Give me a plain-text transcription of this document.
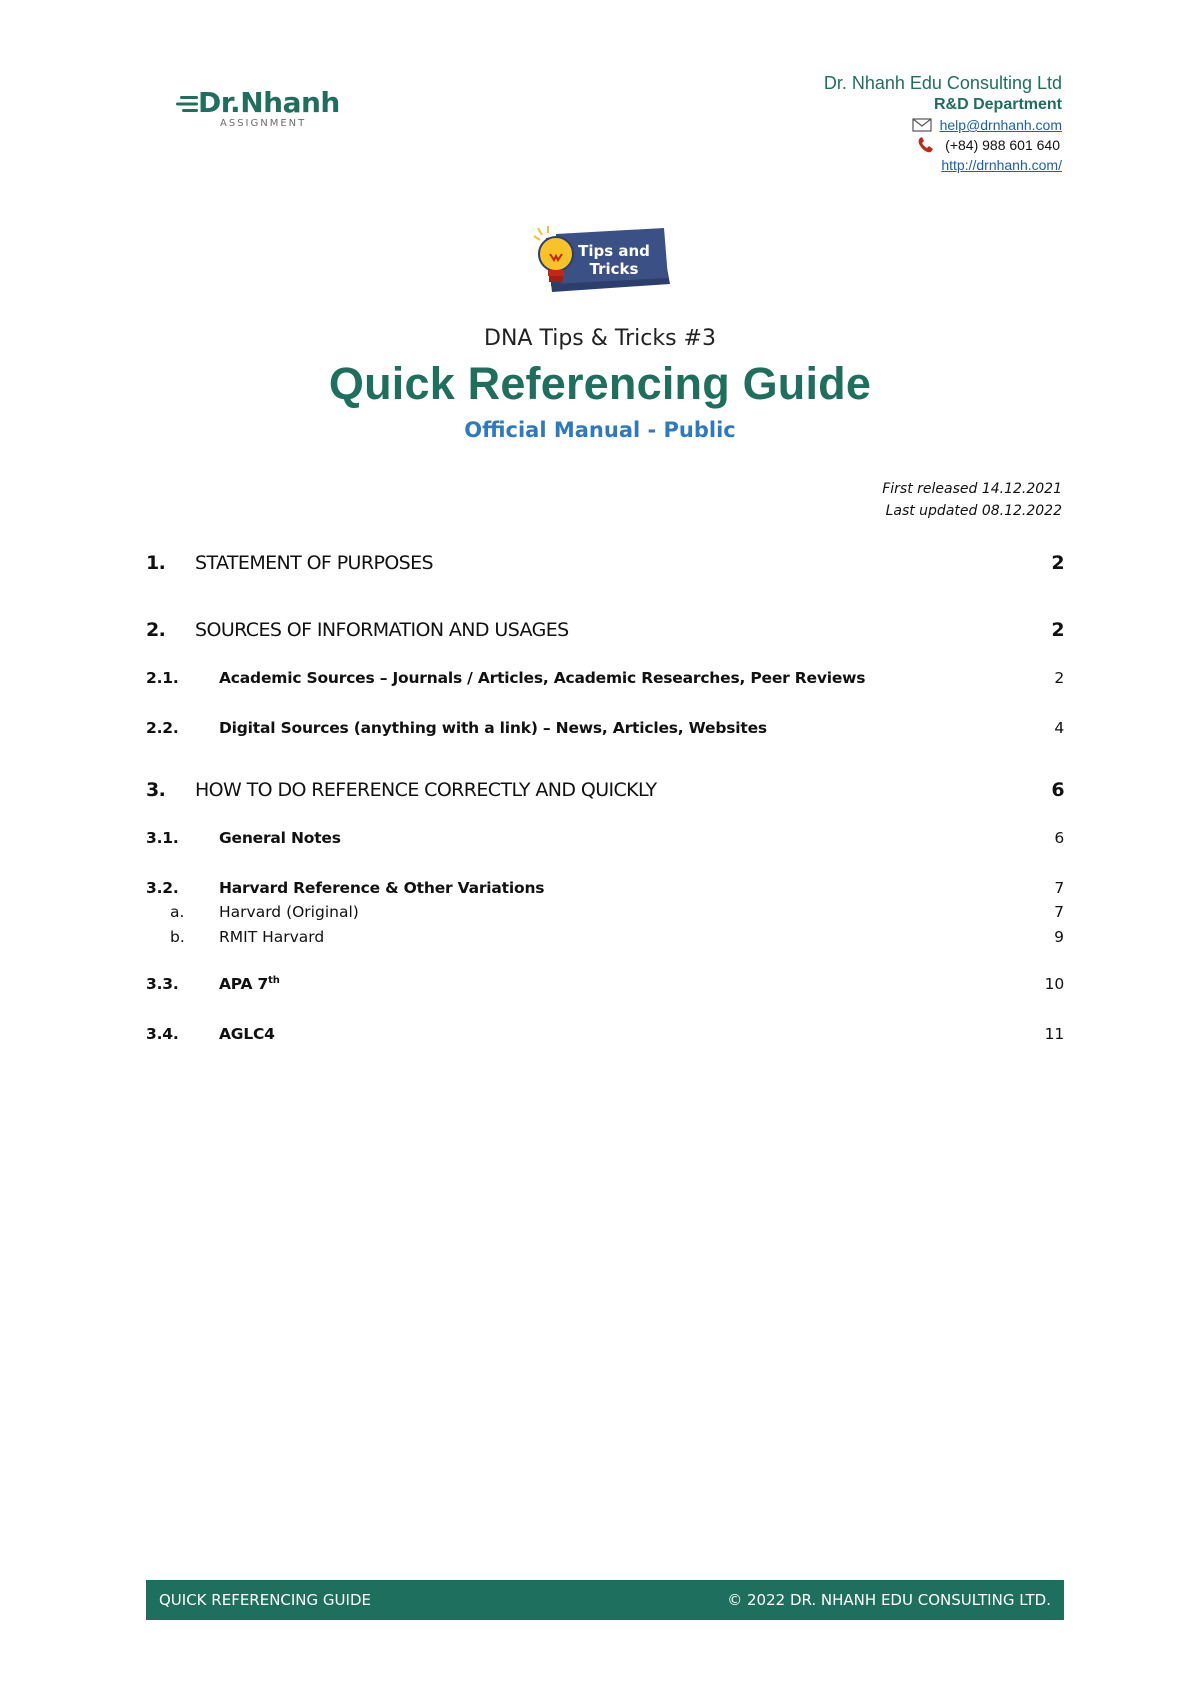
Dr.Nhanh
ASSIGNMENT
Dr. Nhanh Edu Consulting Ltd
R&D Department
help@drnhanh.com
(+84) 988 601 640
http://drnhanh.com/
Tips and
Tricks
DNA Tips & Tricks #3
Quick Referencing Guide
Official Manual - Public
First released 14.12.2021
Last updated 08.12.2022
1. STATEMENT OF PURPOSES	2
2. SOURCES OF INFORMATION AND USAGES	2
2.1.	Academic Sources – Journals / Articles, Academic Researches, Peer Reviews	2
2.2.	Digital Sources (anything with a link) – News, Articles, Websites	4
3. HOW TO DO REFERENCE CORRECTLY AND QUICKLY	6
3.1.	General Notes	6
3.2.	Harvard Reference & Other Variations	7
a. Harvard (Original)	7
b. RMIT Harvard	9
3.3.	APA 7th	10
3.4.	AGLC4	11
QUICK REFERENCING GUIDE	© 2022 DR. NHANH EDU CONSULTING LTD.
